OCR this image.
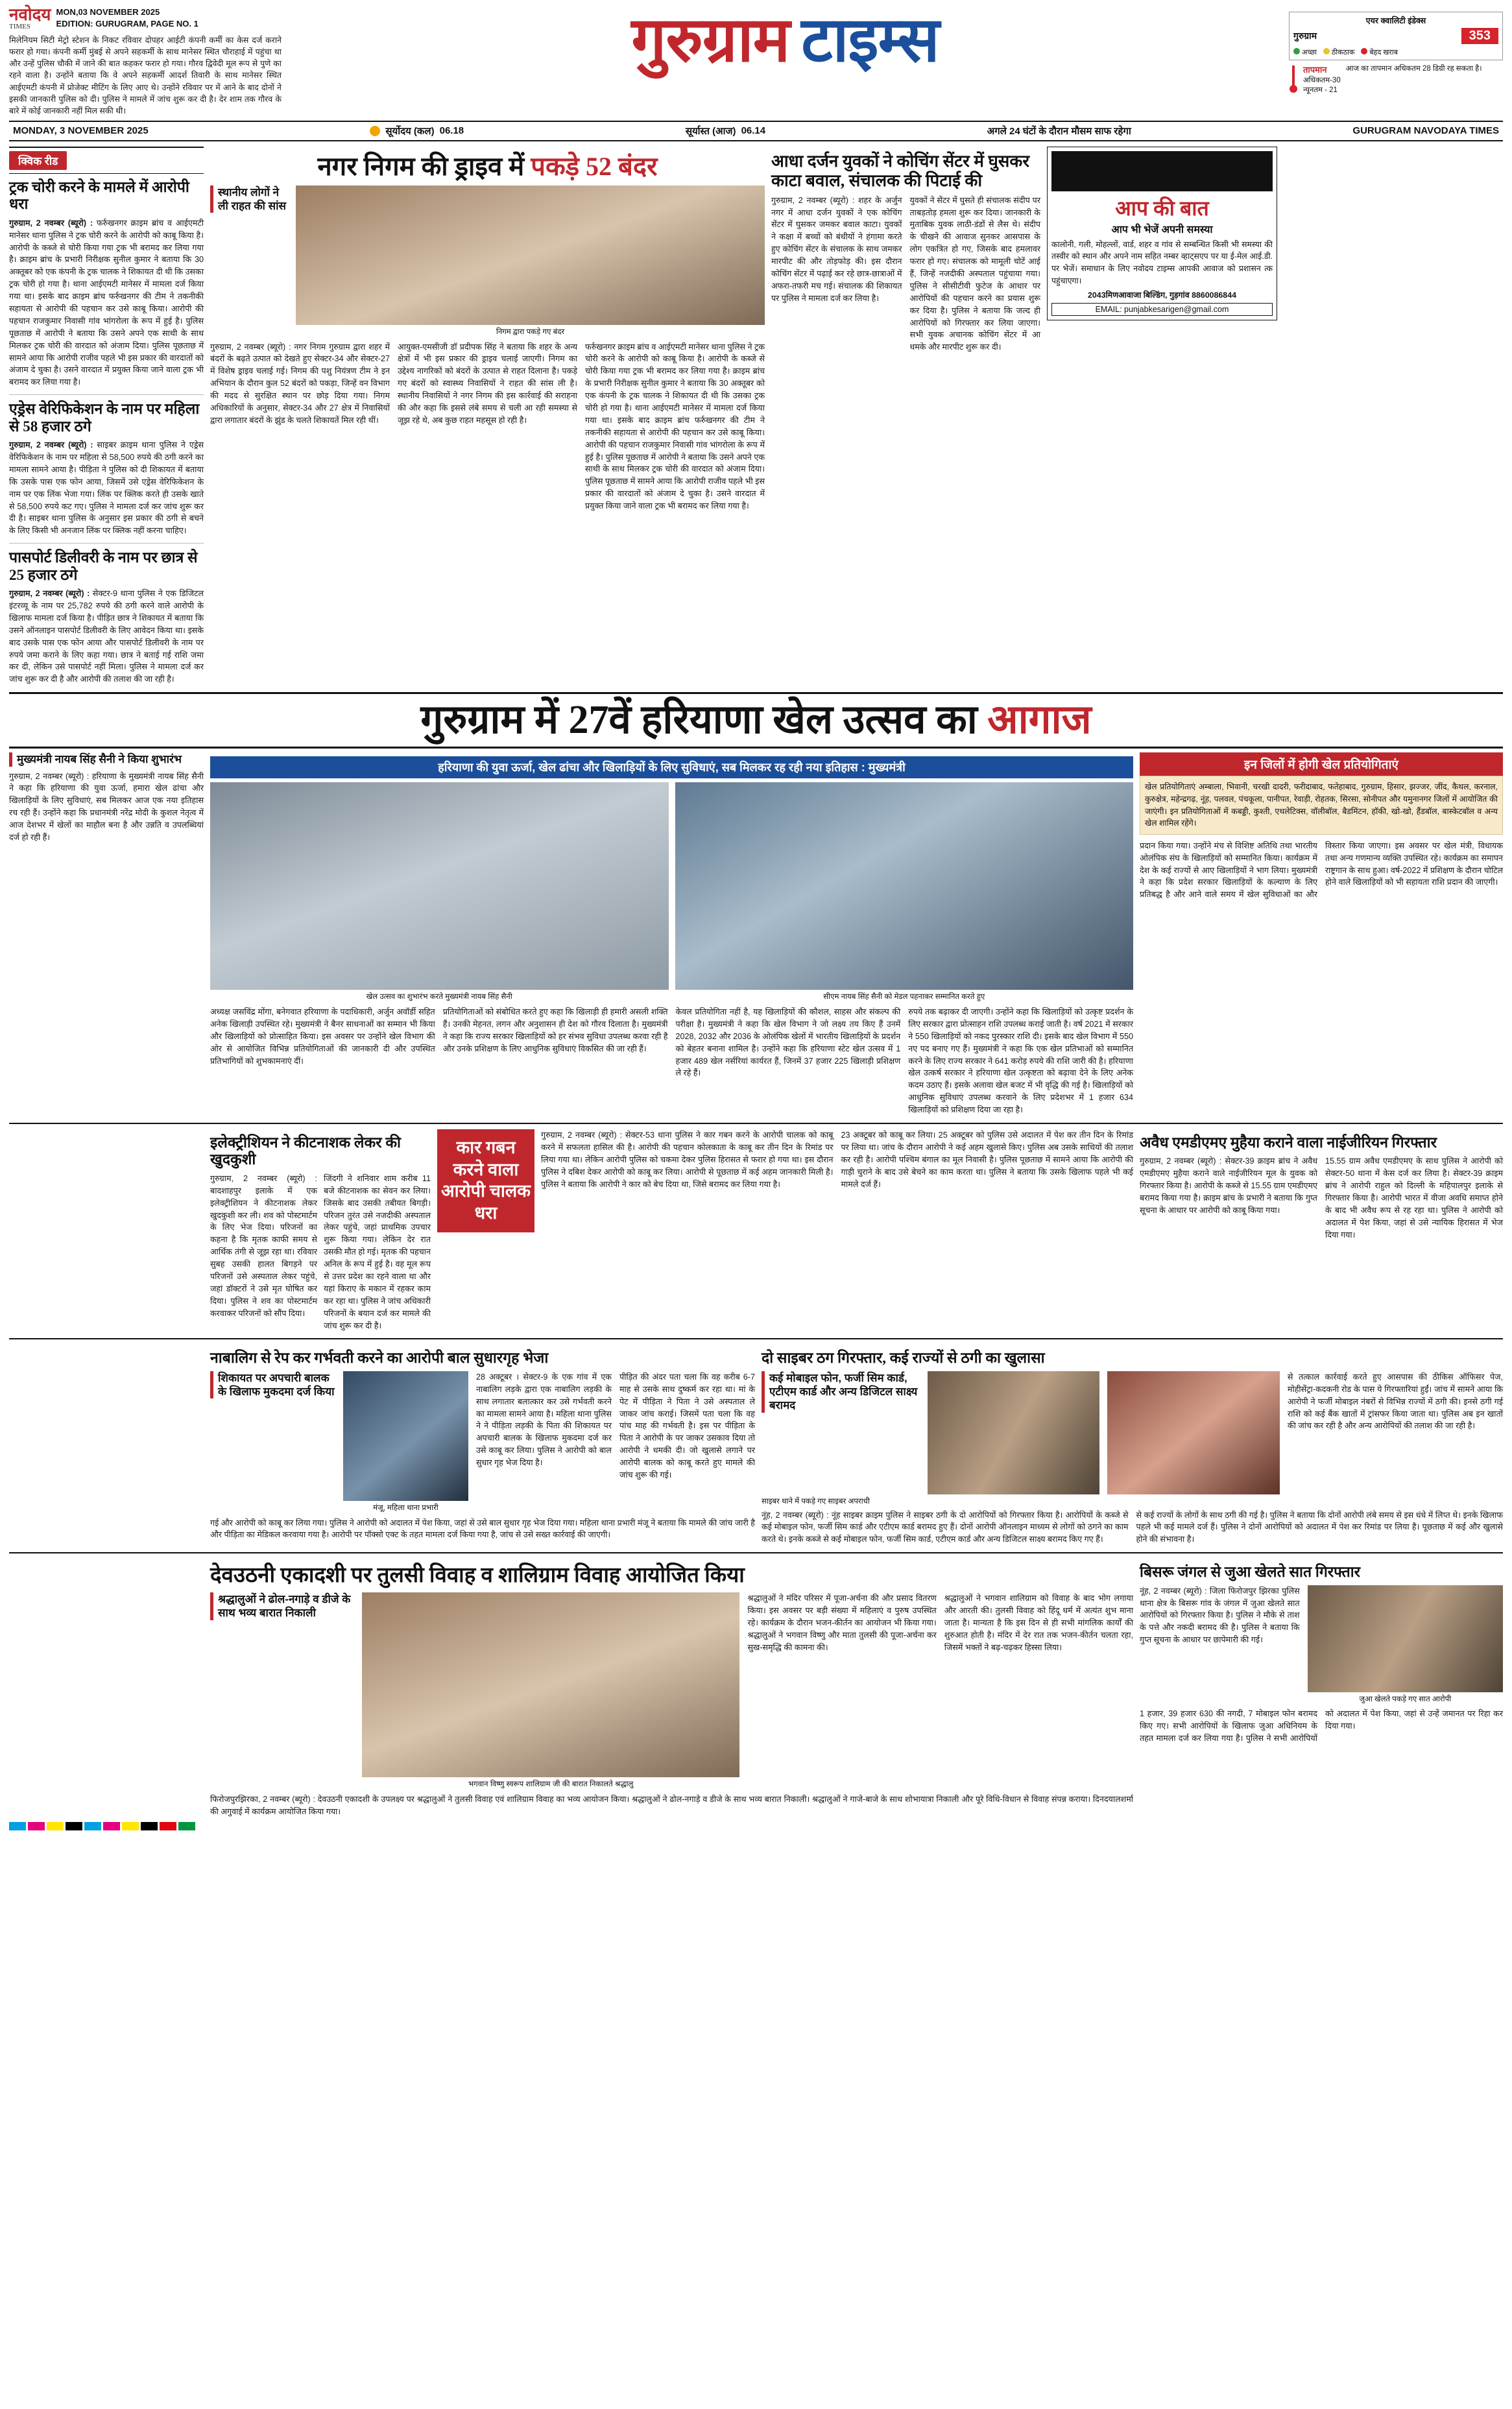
नवोदय
TIMES
MON,03 NOVEMBER 2025
EDITION: GURUGRAM, PAGE NO. 1
मिलेनियम सिटी मेट्रो स्टेशन के निकट रविवार दोपहर आईटी कंपनी कर्मी का केस दर्ज कराने फरार हो गया। कंपनी कर्मी मुंबई से अपने सहकर्मी के साथ मानेसर स्थित चौराहाई में पहुंचा था और उन्हें पुलिस चौकी में जाने की बात कहकर फरार हो गया। गौरव द्विवेदी मूल रूप से पुणे का रहने वाला है। उन्होंने बताया कि वे अपने सहकर्मी आदर्श तिवारी के साथ मानेसर स्थित आईएमटी कंपनी में प्रोजेक्ट मीटिंग के लिए आए थे। उन्होंने रविवार पर में आने के बाद दोनों ने इसकी जानकारी पुलिस को दी। पुलिस ने मामले में जांच शुरू कर दी है। देर शाम तक गौरव के बारे में कोई जानकारी नहीं मिल सकी थी।
गुरुग्राम टाइम्स	एयर क्वालिटी इंडेक्स
गुरुग्राम	353
अच्छा	ठीकठाक	बेहद खराब
तापमान
अधिकतम-30
न्यूनतम - 21
आज का तापमान अधिकतम 28 डिग्री रह सकता है।
MONDAY, 3 NOVEMBER 2025	सूर्योदय (कल) 06.18	सूर्यास्त (आज) 06.14	अगले 24 घंटों के दौरान मौसम साफ रहेगा	GURUGRAM NAVODAYA TIMES
क्विक रीड
ट्रक चोरी करने के मामले में आरोपी धरा
गुरुग्राम, 2 नवम्बर (ब्यूरो) : फर्रुखनगर क्राइम ब्रांच व आईएमटी मानेसर थाना पुलिस ने ट्रक चोरी करने के आरोपी को काबू किया है। आरोपी के कब्जे से चोरी किया गया ट्रक भी बरामद कर लिया गया है। क्राइम ब्रांच के प्रभारी निरीक्षक सुनील कुमार ने बताया कि 30 अक्तूबर को एक कंपनी के ट्रक चालक ने शिकायत दी थी कि उसका ट्रक चोरी हो गया है। थाना आईएमटी मानेसर में मामला दर्ज किया गया था। इसके बाद क्राइम ब्रांच फर्रुखनगर की टीम ने तकनीकी सहायता से आरोपी की पहचान कर उसे काबू किया। आरोपी की पहचान राजकुमार निवासी गांव भांगरोला के रूप में हुई है। पुलिस पूछताछ में आरोपी ने बताया कि उसने अपने एक साथी के साथ मिलकर ट्रक चोरी की वारदात को अंजाम दिया। पुलिस पूछताछ में सामने आया कि आरोपी राजीव पहले भी इस प्रकार की वारदातों को अंजाम दे चुका है। उसने वारदात में प्रयुक्त किया जाने वाला ट्रक भी बरामद कर लिया गया है।
एड्रेस वेरिफिकेशन के नाम पर महिला से 58 हजार ठगे
गुरुग्राम, 2 नवम्बर (ब्यूरो) : साइबर क्राइम थाना पुलिस ने एड्रेस वेरिफिकेशन के नाम पर महिला से 58,500 रुपये की ठगी करने का मामला सामने आया है। पीड़िता ने पुलिस को दी शिकायत में बताया कि उसके पास एक फोन आया, जिसमें उसे एड्रेस वेरिफिकेशन के नाम पर एक लिंक भेजा गया। लिंक पर क्लिक करते ही उसके खाते से 58,500 रुपये कट गए। पुलिस ने मामला दर्ज कर जांच शुरू कर दी है। साइबर थाना पुलिस के अनुसार इस प्रकार की ठगी से बचने के लिए किसी भी अनजान लिंक पर क्लिक नहीं करना चाहिए।
पासपोर्ट डिलीवरी के नाम पर छात्र से 25 हजार ठगे
गुरुग्राम, 2 नवम्बर (ब्यूरो) : सेक्टर-9 थाना पुलिस ने एक डिजिटल इंटरव्यू के नाम पर 25,782 रुपये की ठगी करने वाले आरोपी के खिलाफ मामला दर्ज किया है। पीड़ित छात्र ने शिकायत में बताया कि उसने ऑनलाइन पासपोर्ट डिलीवरी के लिए आवेदन किया था। इसके बाद उसके पास एक फोन आया और पासपोर्ट डिलीवरी के नाम पर रुपये जमा कराने के लिए कहा गया। छात्र ने बताई गई राशि जमा कर दी, लेकिन उसे पासपोर्ट नहीं मिला। पुलिस ने मामला दर्ज कर जांच शुरू कर दी है और आरोपी की तलाश की जा रही है।
नगर निगम की ड्राइव में पकड़े 52 बंदर
स्थानीय लोगों ने ली राहत की सांस
निगम द्वारा पकड़े गए बंदर
गुरुग्राम, 2 नवम्बर (ब्यूरो) : नगर निगम गुरुग्राम द्वारा शहर में बंदरों के बढ़ते उत्पात को देखते हुए सेक्टर-34 और सेक्टर-27 में विशेष ड्राइव चलाई गई। निगम की पशु नियंत्रण टीम ने इन अभियान के दौरान कुल 52 बंदरों को पकड़ा, जिन्हें वन विभाग की मदद से सुरक्षित स्थान पर छोड़ दिया गया। निगम अधिकारियों के अनुसार, सेक्टर-34 और 27 क्षेत्र में निवासियों द्वारा लगातार बंदरों के झुंड के चलते शिकायतें मिल रही थीं।
आयुक्त-एमसीजी डॉ प्रदीपक सिंह ने बताया कि शहर के अन्य क्षेत्रों में भी इस प्रकार की ड्राइव चलाई जाएगी। निगम का उद्देश्य नागरिकों को बंदरों के उत्पात से राहत दिलाना है। पकड़े गए बंदरों को स्वास्थ्य निवासियों ने राहत की सांस ली है। स्थानीय निवासियों ने नगर निगम की इस कार्रवाई की सराहना की और कहा कि इससे लंबे समय से चली आ रही समस्या से जूझ रहे थे, अब कुछ राहत महसूस हो रही है।
फर्रुखनगर क्राइम ब्रांच व आईएमटी मानेसर थाना पुलिस ने ट्रक चोरी करने के आरोपी को काबू किया है। आरोपी के कब्जे से चोरी किया गया ट्रक भी बरामद कर लिया गया है। क्राइम ब्रांच के प्रभारी निरीक्षक सुनील कुमार ने बताया कि 30 अक्तूबर को एक कंपनी के ट्रक चालक ने शिकायत दी थी कि उसका ट्रक चोरी हो गया है। थाना आईएमटी मानेसर में मामला दर्ज किया गया था। इसके बाद क्राइम ब्रांच फर्रुखनगर की टीम ने तकनीकी सहायता से आरोपी की पहचान कर उसे काबू किया। आरोपी की पहचान राजकुमार निवासी गांव भांगरोला के रूप में हुई है। पुलिस पूछताछ में आरोपी ने बताया कि उसने अपने एक साथी के साथ मिलकर ट्रक चोरी की वारदात को अंजाम दिया। पुलिस पूछताछ में सामने आया कि आरोपी राजीव पहले भी इस प्रकार की वारदातों को अंजाम दे चुका है। उसने वारदात में प्रयुक्त किया जाने वाला ट्रक भी बरामद कर लिया गया है।
आधा दर्जन युवकों ने कोचिंग सेंटर में घुसकर काटा बवाल, संचालक की पिटाई की
गुरुग्राम, 2 नवम्बर (ब्यूरो) : शहर के अर्जुन नगर में आधा दर्जन युवकों ने एक कोचिंग सेंटर में घुसकर जमकर बवाल काटा। युवकों ने कक्षा में बच्चों को बंधीयों ने हंगामा करते हुए कोचिंग सेंटर के संचालक के साथ जमकर मारपीट की और तोड़फोड़ की। इस दौरान कोचिंग सेंटर में पढ़ाई कर रहे छात्र-छात्राओं में अफरा-तफरी मच गई। संचालक की शिकायत पर पुलिस ने मामला दर्ज कर लिया है।
युवकों ने सेंटर में घुसते ही संचालक संदीप पर ताबड़तोड़ हमला शुरू कर दिया। जानकारी के मुताबिक युवक लाठी-डंडों से लैस थे। संदीप के चीखने की आवाज सुनकर आसपास के लोग एकत्रित हो गए, जिसके बाद हमलावर फरार हो गए। संचालक को मामूली चोटें आई हैं, जिन्हें नजदीकी अस्पताल पहुंचाया गया। पुलिस ने सीसीटीवी फुटेज के आधार पर आरोपियों की पहचान करने का प्रयास शुरू कर दिया है। पुलिस ने बताया कि जल्द ही आरोपियों को गिरफ्तार कर लिया जाएगा। सभी युवक अचानक कोचिंग सेंटर में आ धमके और मारपीट शुरू कर दी।
आप की बात
आप भी भेजें अपनी समस्या
कालोनी, गली, मोहल्लों, वार्ड, शहर व गांव से सम्बन्धित किसी भी समस्या की तस्वीर को स्थान और अपने नाम सहित नम्बर व्हाट्सएप पर या ई-मेल आई.डी. पर भेजें। समाधान के लिए नवोदय टाइम्स आपकी आवाज को प्रशासन त्क पहुंचाएगा।
2043मिणआवाजा बिल्डिंग, गुड़गांव 8860086844
EMAIL: punjabkesarigen@gmail.com
गुरुग्राम में 27वें हरियाणा खेल उत्सव का आगाज
मुख्यमंत्री नायब सिंह सैनी ने किया शुभारंभ
गुरुग्राम, 2 नवम्बर (ब्यूरो) : हरियाणा के मुख्यमंत्री नायब सिंह सैनी ने कहा कि हरियाणा की युवा ऊर्जा, हमारा खेल ढांचा और खिलाड़ियों के लिए सुविधाएं, सब मिलकर आज एक नया इतिहास रच रही हैं। उन्होंने कहा कि प्रधानमंत्री नरेंद्र मोदी के कुशल नेतृत्व में आज देशभर में खेलों का माहौल बना है और उन्नति व उपलब्धियां दर्ज हो रही हैं।
हरियाणा की युवा ऊर्जा, खेल ढांचा और खिलाड़ियों के लिए सुविधाएं, सब मिलकर रह रही नया इतिहास : मुख्यमंत्री
खेल उत्सव का शुभारंभ करते मुख्यमंत्री नायब सिंह सैनी	सीएम नायब सिंह सैनी को मेडल पहनाकर सम्मानित करते हुए
अध्यक्ष जसविंद्र मोंगा, बनेगवात हरियाणा के पदाधिकारी, अर्जुन अवॉर्डी सहित अनेक खिलाड़ी उपस्थित रहे। मुख्यमंत्री ने बैनर साधनाओं का सम्मान भी किया और खिलाड़ियों को प्रोत्साहित किया। इस अवसर पर उन्होंने खेल विभाग की ओर से आयोजित विभिन्न प्रतियोगिताओं की जानकारी दी और उपस्थित प्रतिभागियों को शुभकामनाएं दीं।
प्रतियोगिताओं को संबोधित करते हुए कहा कि खिलाड़ी ही हमारी असली शक्ति हैं। उनकी मेहनत, लगन और अनुशासन ही देश को गौरव दिलाता है। मुख्यमंत्री ने कहा कि राज्य सरकार खिलाड़ियों को हर संभव सुविधा उपलब्ध करवा रही है और उनके प्रशिक्षण के लिए आधुनिक सुविधाएं विकसित की जा रही हैं।
केवल प्रतियोगिता नहीं है, यह खिलाड़ियों की कौशल, साहस और संकल्प की परीक्षा है। मुख्यमंत्री ने कहा कि खेल विभाग ने जो लक्ष्य तय किए हैं उनमें 2028, 2032 और 2036 के ओलंपिक खेलों में भारतीय खिलाड़ियों के प्रदर्शन को बेहतर बनाना शामिल है। उन्होंने कहा कि हरियाणा स्टेट खेल उत्सव में 1 हजार 489 खेल नर्सरियां कार्यरत हैं, जिनमें 37 हजार 225 खिलाड़ी प्रशिक्षण ले रहे हैं।
रुपये तक बढ़ाकर दी जाएगी। उन्होंने कहा कि खिलाड़ियों को उत्कृष्ट प्रदर्शन के लिए सरकार द्वारा प्रोत्साहन राशि उपलब्ध कराई जाती है। वर्ष 2021 में सरकार ने 550 खिलाड़ियों को नकद पुरस्कार राशि दी। इसके बाद खेल विभाग में 550 नए पद बनाए गए हैं। मुख्यमंत्री ने कहा कि एक खेल प्रतिभाओं को सम्मानित करने के लिए राज्य सरकार ने 641 करोड़ रुपये की राशि जारी की है। हरियाणा खेल उत्कर्ष सरकार ने हरियाणा खेल उत्कृष्टता को बढ़ावा देने के लिए अनेक कदम उठाए हैं। इसके अलावा खेल बजट में भी वृद्धि की गई है। खिलाड़ियों को आधुनिक सुविधाएं उपलब्ध करवाने के लिए प्रदेशभर में 1 हजार 634 खिलाड़ियों को प्रशिक्षण दिया जा रहा है।
इन जिलों में होगी खेल प्रतियोगिताएं
खेल प्रतियोगिताएं अम्बाला, भिवानी, चरखी दादरी, फरीदाबाद, फतेहाबाद, गुरुग्राम, हिसार, झज्जर, जींद, कैथल, करनाल, कुरुक्षेत्र, महेन्द्रगढ़, नूंह, पलवल, पंचकूला, पानीपत, रेवाड़ी, रोहतक, सिरसा, सोनीपत और यमुनानगर जिलों में आयोजित की जाएंगी। इन प्रतियोगिताओं में कबड्डी, कुश्ती, एथलेटिक्स, वॉलीबॉल, बैडमिंटन, हॉकी, खो-खो, हैंडबॉल, बास्केटबॉल व अन्य खेल शामिल रहेंगे।
प्रदान किया गया। उन्होंने मंच से विशिष्ट अतिथि तथा भारतीय ओलंपिक संघ के खिलाड़ियों को सम्मानित किया। कार्यक्रम में देश के कई राज्यों से आए खिलाड़ियों ने भाग लिया। मुख्यमंत्री ने कहा कि प्रदेश सरकार खिलाड़ियों के कल्याण के लिए प्रतिबद्ध है और आने वाले समय में खेल सुविधाओं का और विस्तार किया जाएगा। इस अवसर पर खेल मंत्री, विधायक तथा अन्य गणमान्य व्यक्ति उपस्थित रहे। कार्यक्रम का समापन राष्ट्रगान के साथ हुआ। वर्ष-2022 में प्रशिक्षण के दौरान चोटिल होने वाले खिलाड़ियों को भी सहायता राशि प्रदान की जाएगी।
इलेक्ट्रीशियन ने कीटनाशक लेकर की खुदकुशी
गुरुग्राम, 2 नवम्बर (ब्यूरो) : बादशाहपुर इलाके में एक इलेक्ट्रीशियन ने कीटनाशक लेकर खुदकुशी कर ली। शव को पोस्टमार्टम के लिए भेज दिया। परिजनों का कहना है कि मृतक काफी समय से आर्थिक तंगी से जूझ रहा था। रविवार सुबह उसकी हालत बिगड़ने पर परिजनों उसे अस्पताल लेकर पहुंचे, जहां डॉक्टरों ने उसे मृत घोषित कर दिया। पुलिस ने शव का पोस्टमार्टम करवाकर परिजनों को सौंप दिया।
जिंदगी ने शनिवार शाम करीब 11 बजे कीटनाशक का सेवन कर लिया। जिसके बाद उसकी तबीयत बिगड़ी। परिजन तुरंत उसे नजदीकी अस्पताल लेकर पहुंचे, जहां प्राथमिक उपचार शुरू किया गया। लेकिन देर रात उसकी मौत हो गई। मृतक की पहचान अनिल के रूप में हुई है। वह मूल रूप से उत्तर प्रदेश का रहने वाला था और यहां किराए के मकान में रहकर काम कर रहा था। पुलिस ने जांच अधिकारी परिजनों के बयान दर्ज कर मामले की जांच शुरू कर दी है।
कार गबन करने वाला आरोपी चालक धरा
गुरुग्राम, 2 नवम्बर (ब्यूरो) : सेक्टर-53 थाना पुलिस ने कार गबन करने के आरोपी चालक को काबू करने में सफलता हासिल की है। आरोपी की पहचान कोलकाता के काबू कर तीन दिन के रिमांड पर लिया गया था। लेकिन आरोपी पुलिस को चकमा देकर पुलिस हिरासत से फरार हो गया था। इस दौरान पुलिस ने दबिश देकर आरोपी को काबू कर लिया। आरोपी से पूछताछ में कई अहम जानकारी मिली है। पुलिस ने बताया कि आरोपी ने कार को बेच दिया था, जिसे बरामद कर लिया गया है।
23 अक्टूबर को काबू कर लिया। 25 अक्टूबर को पुलिस उसे अदालत में पेश कर तीन दिन के रिमांड पर लिया था। जांच के दौरान आरोपी ने कई अहम खुलासे किए। पुलिस अब उसके साथियों की तलाश कर रही है। आरोपी पश्चिम बंगाल का मूल निवासी है। पुलिस पूछताछ में सामने आया कि आरोपी की गाड़ी चुराने के बाद उसे बेचने का काम करता था। पुलिस ने बताया कि उसके खिलाफ पहले भी कई मामले दर्ज हैं।
अवैध एमडीएमए मुहैया कराने वाला नाईजीरियन गिरफ्तार
गुरुग्राम, 2 नवम्बर (ब्यूरो) : सेक्टर-39 क्राइम ब्रांच ने अवैध एमडीएमए मुहैया कराने वाले नाईजीरियन मूल के युवक को गिरफ्तार किया है। आरोपी के कब्जे से 15.55 ग्राम एमडीएमए बरामद किया गया है। क्राइम ब्रांच के प्रभारी ने बताया कि गुप्त सूचना के आधार पर आरोपी को काबू किया गया।
15.55 ग्राम अवैध एमडीएमए के साथ पुलिस ने आरोपी को सेक्टर-50 थाना में केस दर्ज कर लिया है। सेक्टर-39 क्राइम ब्रांच ने आरोपी राहुल को दिल्ली के महिपालपुर इलाके से गिरफ्तार किया है। आरोपी भारत में वीजा अवधि समाप्त होने के बाद भी अवैध रूप से रह रहा था। पुलिस ने आरोपी को अदालत में पेश किया, जहां से उसे न्यायिक हिरासत में भेज दिया गया।
नाबालिग से रेप कर गर्भवती करने का आरोपी बाल सुधारगृह भेजा
शिकायत पर अपचारी बालक के खिलाफ मुकदमा दर्ज किया
मंजू, महिला थाना प्रभारी
28 अक्टूबर । सेक्टर-9 के एक गांव में एक नाबालिग लड़के द्वारा एक नाबालिग लड़की के साथ लगातार बलात्कार कर उसे गर्भवती करने का मामला सामने आया है। महिला थाना पुलिस ने ने पीड़िता लड़की के पिता की शिकायत पर अपचारी बालक के खिलाफ मुकदमा दर्ज कर उसे काबू कर लिया। पुलिस ने आरोपी को बाल सुधार गृह भेज दिया है।
पीड़ित की अंदर पता चला कि वह करीब 6-7 माह से उसके साथ दुष्कर्म कर रहा था। मां के पेट में पीड़िता ने पिता ने उसे अस्पताल ले जाकर जांच कराई। जिसमें पता चला कि वह पांच माह की गर्भवती है। इस पर पीड़िता के पिता ने आरोपी के पर जाकर उसकाव दिया तो आरोपी ने धमकी दी। जो खुलासे लगाने पर आरोपी बालक को काबू करते हुए मामले की जांच शुरू की गई।
गई और आरोपी को काबू कर लिया गया। पुलिस ने आरोपी को अदालत में पेश किया, जहां से उसे बाल सुधार गृह भेज दिया गया। महिला थाना प्रभारी मंजू ने बताया कि मामले की जांच जारी है और पीड़िता का मेडिकल करवाया गया है। आरोपी पर पॉक्सो एक्ट के तहत मामला दर्ज किया गया है, जांच से उसे सख्त कार्रवाई की जाएगी।
दो साइबर ठग गिरफ्तार, कई राज्यों से ठगी का खुलासा
कई मोबाइल फोन, फर्जी सिम कार्ड, एटीएम कार्ड और अन्य डिजिटल साक्ष्य बरामद
से तत्काल कार्रवाई करते हुए आसपास की ठीकिस ऑफिसर पेज, मोहीसेंट्रा-कदकनी रोड के पास ये गिरफ्तारियां हुईं। जांच में सामने आया कि आरोपी ने फर्जी मोबाइल नंबरों से विभिन्न राज्यों में ठगी की। इनसे ठगी गई राशि को कई बैंक खातों में ट्रांसफर किया जाता था। पुलिस अब इन खातों की जांच कर रही है और अन्य आरोपियों की तलाश की जा रही है।
साइबर थाने में पकड़े गए साइबर अपराधी
नूंह, 2 नवम्बर (ब्यूरो) : नूंह साइबर क्राइम पुलिस ने साइबर ठगी के दो आरोपियों को गिरफ्तार किया है। आरोपियों के कब्जे से कई मोबाइल फोन, फर्जी सिम कार्ड और एटीएम कार्ड बरामद हुए हैं। दोनों आरोपी ऑनलाइन माध्यम से लोगों को ठगने का काम करते थे। इनके कब्जे से कई मोबाइल फोन, फर्जी सिम कार्ड, एटीएम कार्ड और अन्य डिजिटल साक्ष्य बरामद किए गए हैं।
से कई राज्यों के लोगों के साथ ठगी की गई है। पुलिस ने बताया कि दोनों आरोपी लंबे समय से इस धंधे में लिप्त थे। इनके खिलाफ पहले भी कई मामले दर्ज हैं। पुलिस ने दोनों आरोपियों को अदालत में पेश कर रिमांड पर लिया है। पूछताछ में कई और खुलासे होने की संभावना है।
देवउठनी एकादशी पर तुलसी विवाह व शालिग्राम विवाह आयोजित किया
श्रद्धालुओं ने ढोल-नगाड़े व डीजे के साथ भव्य बारात निकाली
भगवान विष्णु स्वरूप शालिग्राम जी की बारात निकालते श्रद्धालु
श्रद्धालुओं ने मंदिर परिसर में पूजा-अर्चना की और प्रसाद वितरण किया। इस अवसर पर बड़ी संख्या में महिलाएं व पुरुष उपस्थित रहे। कार्यक्रम के दौरान भजन-कीर्तन का आयोजन भी किया गया। श्रद्धालुओं ने भगवान विष्णु और माता तुलसी की पूजा-अर्चना कर सुख-समृद्धि की कामना की।
श्रद्धालुओं ने भगवान शालिग्राम को विवाह के बाद भोग लगाया और आरती की। तुलसी विवाह को हिंदू धर्म में अत्यंत शुभ माना जाता है। मान्यता है कि इस दिन से ही सभी मांगलिक कार्यों की शुरुआत होती है। मंदिर में देर रात तक भजन-कीर्तन चलता रहा, जिसमें भक्तों ने बढ़-चढ़कर हिस्सा लिया।
फिरोजपुरझिरका, 2 नवम्बर (ब्यूरो) : देवउठनी एकादशी के उपलक्ष्य पर श्रद्धालुओं ने तुलसी विवाह एवं शालिग्राम विवाह का भव्य आयोजन किया। श्रद्धालुओं ने ढोल-नगाड़े व डीजे के साथ भव्य बारात निकाली। श्रद्धालुओं ने गाजे-बाजे के साथ शोभायात्रा निकाली और पूरे विधि-विधान से विवाह संपन्न कराया। दिनदयालशर्मा की अगुवाई में कार्यक्रम आयोजित किया गया।
बिसरू जंगल से जुआ खेलते सात गिरफ्तार
नूंह, 2 नवम्बर (ब्यूरो) : जिला फिरोजपुर झिरका पुलिस थाना क्षेत्र के बिसरू गांव के जंगल में जुआ खेलते सात आरोपियों को गिरफ्तार किया है। पुलिस ने मौके से ताश के पत्ते और नकदी बरामद की है। पुलिस ने बताया कि गुप्त सूचना के आधार पर छापेमारी की गई।
जुआ खेलते पकड़े गए सात आरोपी
1 हजार, 39 हजार 630 की नगदी, 7 मोबाइल फोन बरामद किए गए। सभी आरोपियों के खिलाफ जुआ अधिनियम के तहत मामला दर्ज कर लिया गया है। पुलिस ने सभी आरोपियों को अदालत में पेश किया, जहां से उन्हें जमानत पर रिहा कर दिया गया।
